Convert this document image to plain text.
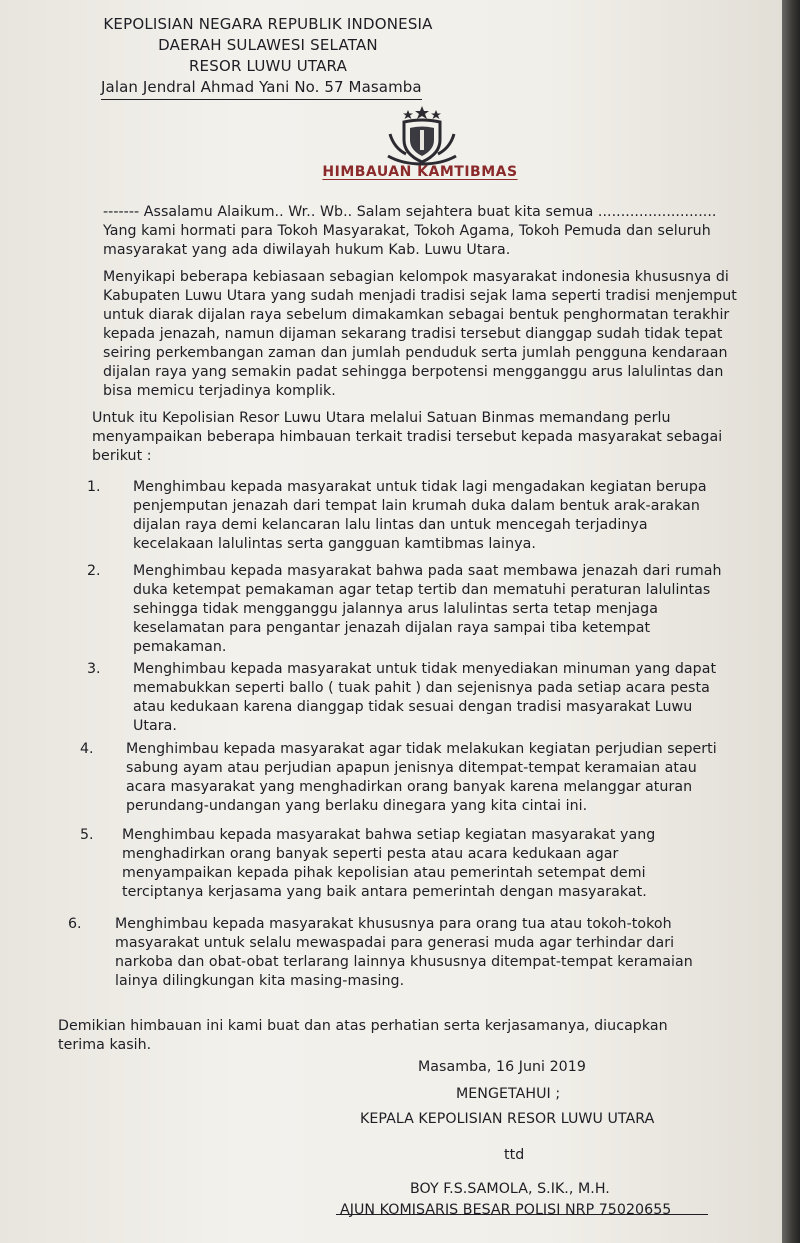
KEPOLISIAN NEGARA REPUBLIK INDONESIA
DAERAH SULAWESI SELATAN
RESOR LUWU UTARA
Jalan Jendral Ahmad Yani No. 57 Masamba
HIMBAUAN KAMTIBMAS
------- Assalamu Alaikum.. Wr.. Wb.. Salam sejahtera buat kita semua ..........................
Yang kami hormati para Tokoh Masyarakat, Tokoh Agama, Tokoh Pemuda dan seluruh
masyarakat yang ada diwilayah hukum Kab. Luwu Utara.
Menyikapi beberapa kebiasaan sebagian kelompok masyarakat indonesia khususnya di
Kabupaten Luwu Utara yang sudah menjadi tradisi sejak lama seperti tradisi menjemput
untuk diarak dijalan raya sebelum dimakamkan sebagai bentuk penghormatan terakhir
kepada jenazah, namun dijaman sekarang tradisi tersebut dianggap sudah tidak tepat
seiring perkembangan zaman dan jumlah penduduk serta jumlah pengguna kendaraan
dijalan raya yang semakin padat sehingga berpotensi mengganggu arus lalulintas dan
bisa memicu terjadinya komplik.
Untuk itu Kepolisian Resor Luwu Utara melalui Satuan Binmas memandang perlu
menyampaikan beberapa himbauan terkait tradisi tersebut kepada masyarakat sebagai
berikut :
1. Menghimbau kepada masyarakat untuk tidak lagi mengadakan kegiatan berupa
penjemputan jenazah dari tempat lain krumah duka dalam bentuk arak-arakan
dijalan raya demi kelancaran lalu lintas dan untuk mencegah terjadinya
kecelakaan lalulintas serta gangguan kamtibmas lainya.
2. Menghimbau kepada masyarakat bahwa pada saat membawa jenazah dari rumah
duka ketempat pemakaman agar tetap tertib dan mematuhi peraturan lalulintas
sehingga tidak mengganggu jalannya arus lalulintas serta tetap menjaga
keselamatan para pengantar jenazah dijalan raya sampai tiba ketempat
pemakaman.
3. Menghimbau kepada masyarakat untuk tidak menyediakan minuman yang dapat
memabukkan seperti ballo ( tuak pahit ) dan sejenisnya pada setiap acara pesta
atau kedukaan karena dianggap tidak sesuai dengan tradisi masyarakat Luwu
Utara.
4. Menghimbau kepada masyarakat agar tidak melakukan kegiatan perjudian seperti
sabung ayam atau perjudian apapun jenisnya ditempat-tempat keramaian atau
acara masyarakat yang menghadirkan orang banyak karena melanggar aturan
perundang-undangan yang berlaku dinegara yang kita cintai ini.
5. Menghimbau kepada masyarakat bahwa setiap kegiatan masyarakat yang
menghadirkan orang banyak seperti pesta atau acara kedukaan agar
menyampaikan kepada pihak kepolisian atau pemerintah setempat demi
terciptanya kerjasama yang baik antara pemerintah dengan masyarakat.
6. Menghimbau kepada masyarakat khususnya para orang tua atau tokoh-tokoh
masyarakat untuk selalu mewaspadai para generasi muda agar terhindar dari
narkoba dan obat-obat terlarang lainnya khususnya ditempat-tempat keramaian
lainya dilingkungan kita masing-masing.
Demikian himbauan ini kami buat dan atas perhatian serta kerjasamanya, diucapkan
terima kasih.
Masamba, 16 Juni 2019
MENGETAHUI ;
KEPALA KEPOLISIAN RESOR LUWU UTARA
ttd
BOY F.S.SAMOLA, S.IK., M.H.
AJUN KOMISARIS BESAR POLISI NRP 75020655
